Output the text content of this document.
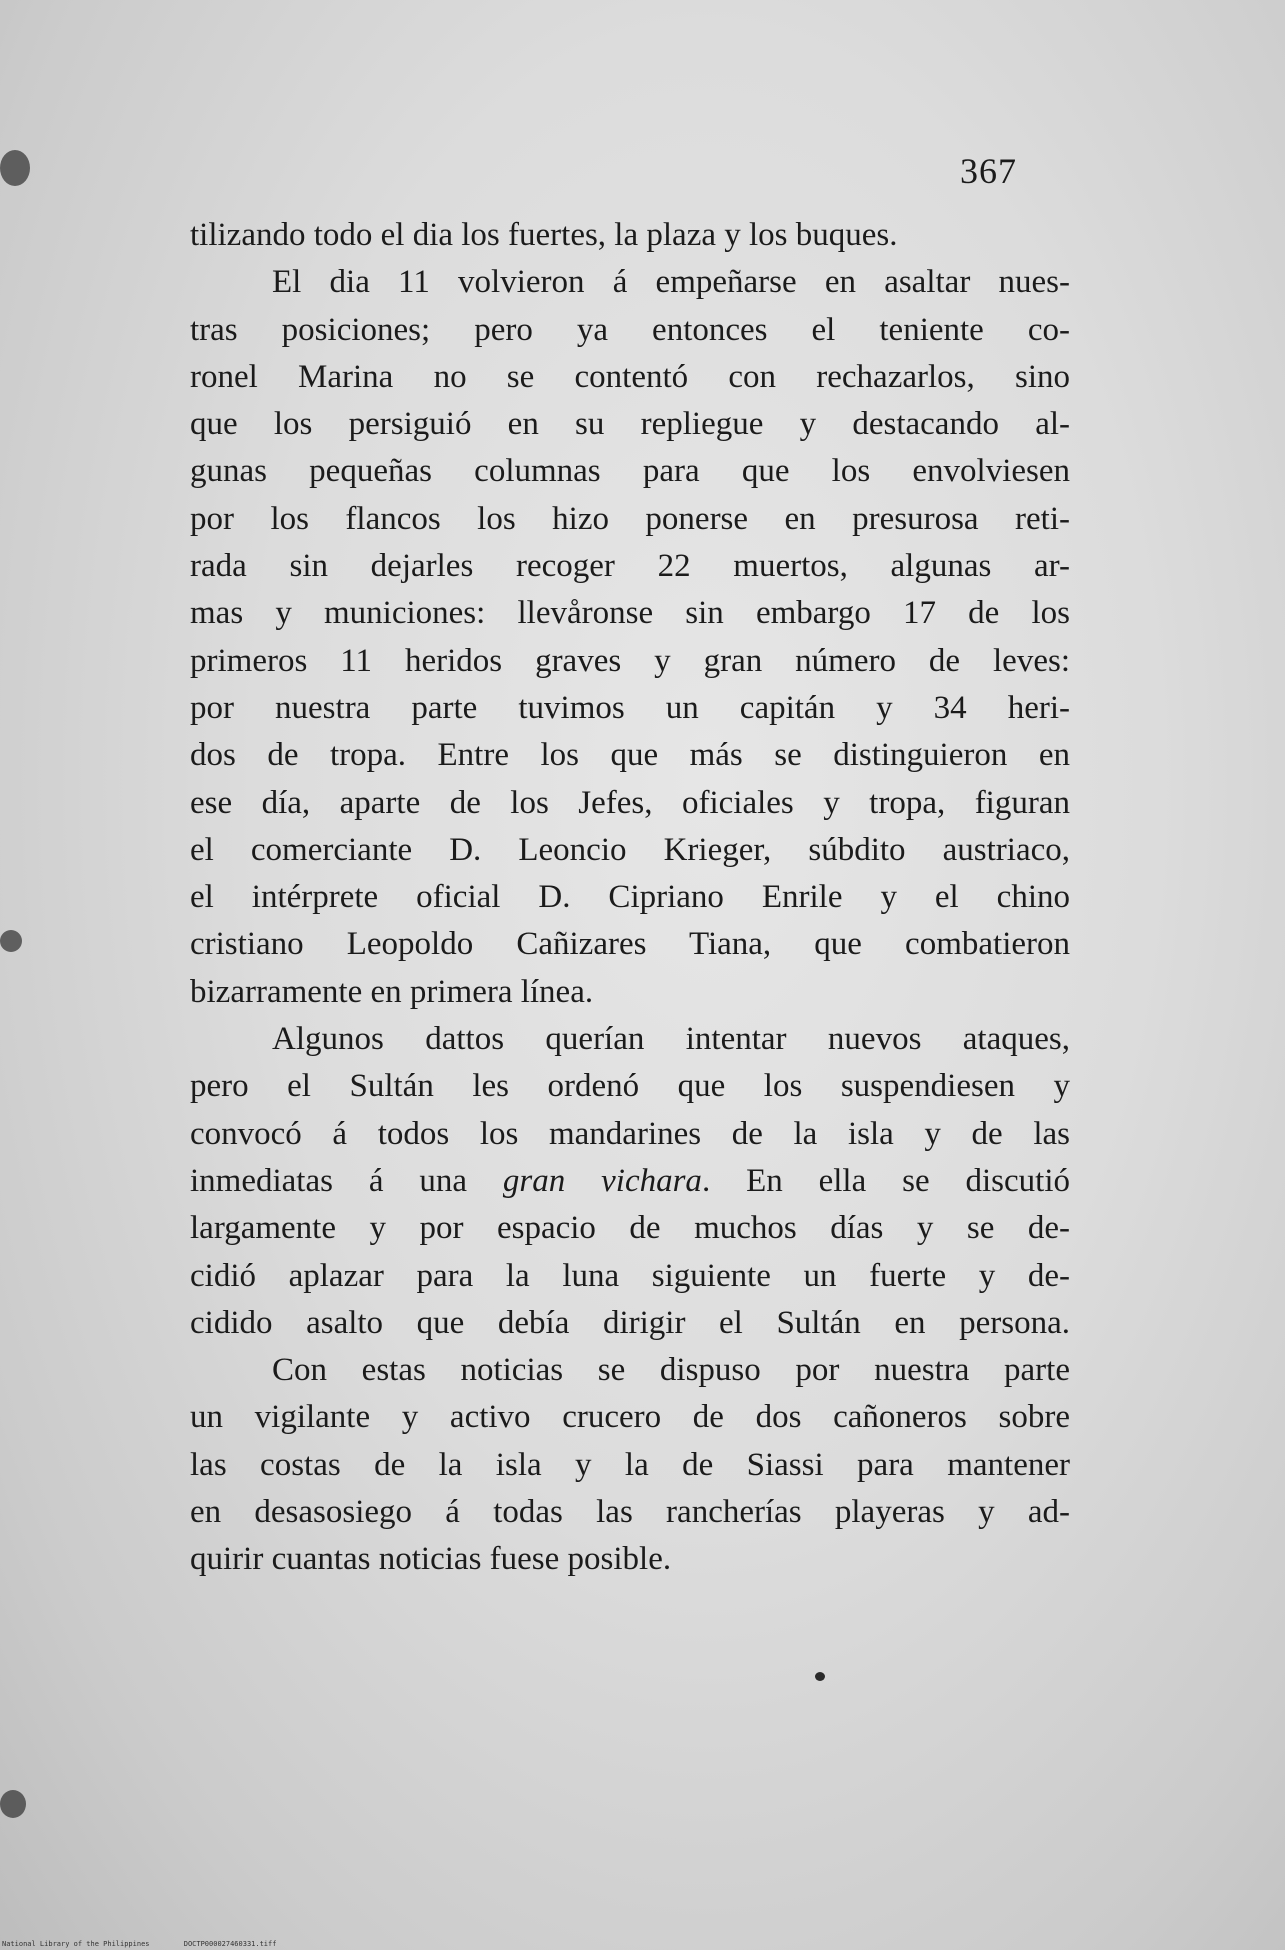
367
tilizando todo el dia los fuertes, la plaza y los buques.
El dia 11 volvieron á empeñarse en asaltar nues-
tras posiciones; pero ya entonces el teniente co-
ronel Marina no se contentó con rechazarlos, sino
que los persiguió en su repliegue y destacando al-
gunas pequeñas columnas para que los envolviesen
por los flancos los hizo ponerse en presurosa reti-
rada sin dejarles recoger 22 muertos, algunas ar-
mas y municiones: llevåronse sin embargo 17 de los
primeros 11 heridos graves y gran número de leves:
por nuestra parte tuvimos un capitán y 34 heri-
dos de tropa. Entre los que más se distinguieron en
ese día, aparte de los Jefes, oficiales y tropa, figuran
el comerciante D. Leoncio Krieger, súbdito austriaco,
el intérprete oficial D. Cipriano Enrile y el chino
cristiano Leopoldo Cañizares Tiana, que combatieron
bizarramente en primera línea.
Algunos dattos querían intentar nuevos ataques,
pero el Sultán les ordenó que los suspendiesen y
convocó á todos los mandarines de la isla y de las
inmediatas á una gran vichara. En ella se discutió
largamente y por espacio de muchos días y se de-
cidió aplazar para la luna siguiente un fuerte y de-
cidido asalto que debía dirigir el Sultán en persona.
Con estas noticias se dispuso por nuestra parte
un vigilante y activo crucero de dos cañoneros sobre
las costas de la isla y la de Siassi para mantener
en desasosiego á todas las rancherías playeras y ad-
quirir cuantas noticias fuese posible.
National Library of the Philippines	DOCTP000027460331.tiff
